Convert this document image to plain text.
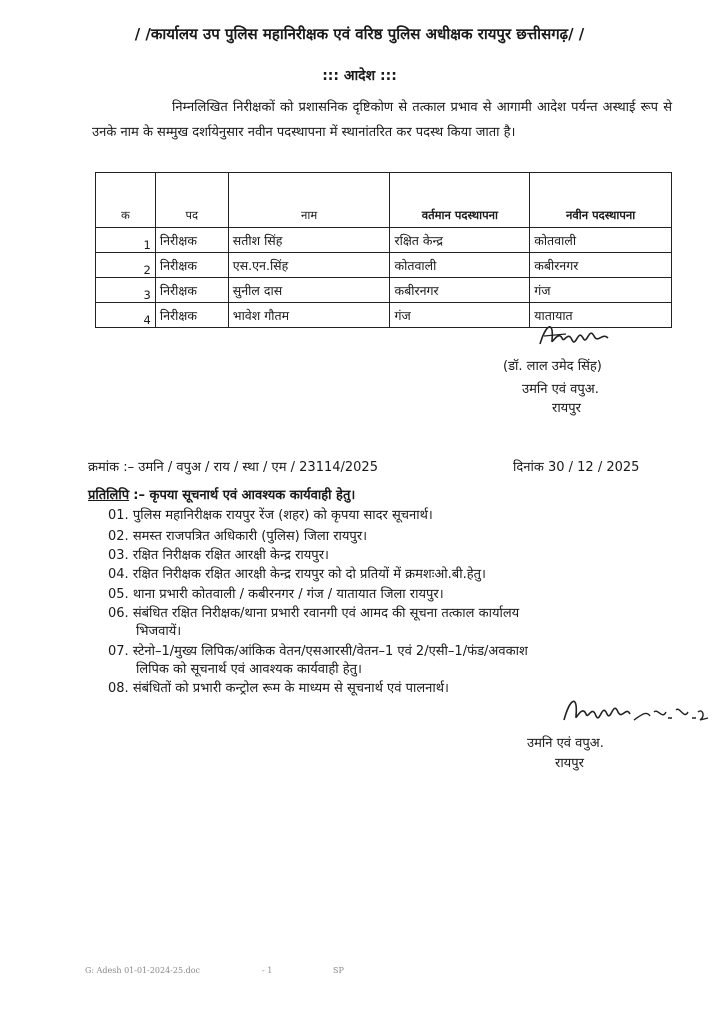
/ /कार्यालय उप पुलिस महानिरीक्षक एवं वरिष्ठ पुलिस अधीक्षक रायपुर छत्तीसगढ़/ /
::: आदेश :::
निम्नलिखित निरीक्षकों को प्रशासनिक दृष्टिकोण से तत्काल प्रभाव से आगामी आदेश पर्यन्त अस्थाई रूप से उनके नाम के सम्मुख दर्शायेनुसार नवीन पदस्थापना में स्थानांतरित कर पदस्थ किया जाता है।
क	पद	नाम	वर्तमान पदस्थापना	नवीन पदस्थापना
1	निरीक्षक	सतीश सिंह	रक्षित केन्द्र	कोतवाली
2	निरीक्षक	एस.एन.सिंह	कोतवाली	कबीरनगर
3	निरीक्षक	सुनील दास	कबीरनगर	गंज
4	निरीक्षक	भावेश गौतम	गंज	यातायात
(डॉ. लाल उमेद सिंह)
उमनि एवं वपुअ.
रायपुर
क्रमांक :– उमनि / वपुअ / राय / स्था / एम / 23114/2025	दिनांक 30 / 12 / 2025
प्रतिलिपि :– कृपया सूचनार्थ एवं आवश्यक कार्यवाही हेतु।
01. पुलिस महानिरीक्षक रायपुर रेंज (शहर) को कृपया सादर सूचनार्थ।
02. समस्त राजपत्रित अधिकारी (पुलिस) जिला रायपुर।
03. रक्षित निरीक्षक रक्षित आरक्षी केन्द्र रायपुर।
04. रक्षित निरीक्षक रक्षित आरक्षी केन्द्र रायपुर को दो प्रतियों में क्रमशःओ.बी.हेतु।
05. थाना प्रभारी कोतवाली / कबीरनगर / गंज / यातायात जिला रायपुर।
06. संबंधित रक्षित निरीक्षक/थाना प्रभारी रवानगी एवं आमद की सूचना तत्काल कार्यालय
भिजवायें।
07. स्टेनो–1/मुख्य लिपिक/आंकिक वेतन/एसआरसी/वेतन–1 एवं 2/एसी–1/फंड/अवकाश
लिपिक को सूचनार्थ एवं आवश्यक कार्यवाही हेतु।
08. संबंधितों को प्रभारी कन्ट्रोल रूम के माध्यम से सूचनार्थ एवं पालनार्थ।
उमनि एवं वपुअ.
रायपुर
G: Adesh 01-01-2024-25.doc	- 1	SP
